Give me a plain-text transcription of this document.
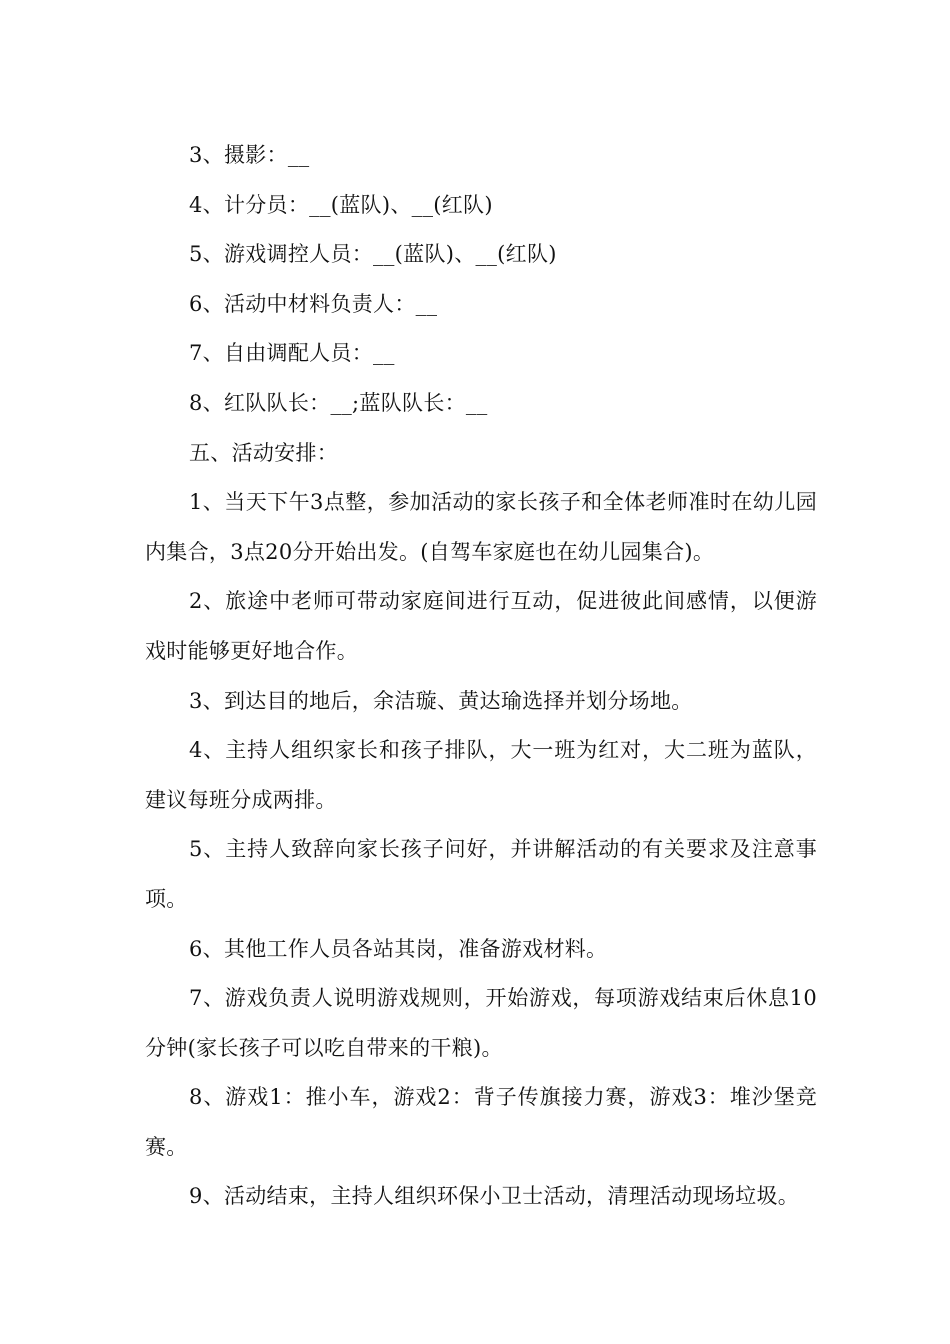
3、摄影：__

4、计分员：__(蓝队)、__(红队)

5、游戏调控人员：__(蓝队)、__(红队)

6、活动中材料负责人：__

7、自由调配人员：__

8、红队队长：__;蓝队队长：__

五、活动安排：

1、当天下午3点整，参加活动的家长孩子和全体老师准时在幼儿园内集合，3点20分开始出发。(自驾车家庭也在幼儿园集合)。

2、旅途中老师可带动家庭间进行互动，促进彼此间感情，以便游戏时能够更好地合作。

3、到达目的地后，余洁璇、黄达瑜选择并划分场地。

4、主持人组织家长和孩子排队，大一班为红对，大二班为蓝队，建议每班分成两排。

5、主持人致辞向家长孩子问好，并讲解活动的有关要求及注意事项。

6、其他工作人员各站其岗，准备游戏材料。

7、游戏负责人说明游戏规则，开始游戏，每项游戏结束后休息10分钟(家长孩子可以吃自带来的干粮)。

8、游戏1：推小车，游戏2：背子传旗接力赛，游戏3：堆沙堡竞赛。

9、活动结束，主持人组织环保小卫士活动，清理活动现场垃圾。
